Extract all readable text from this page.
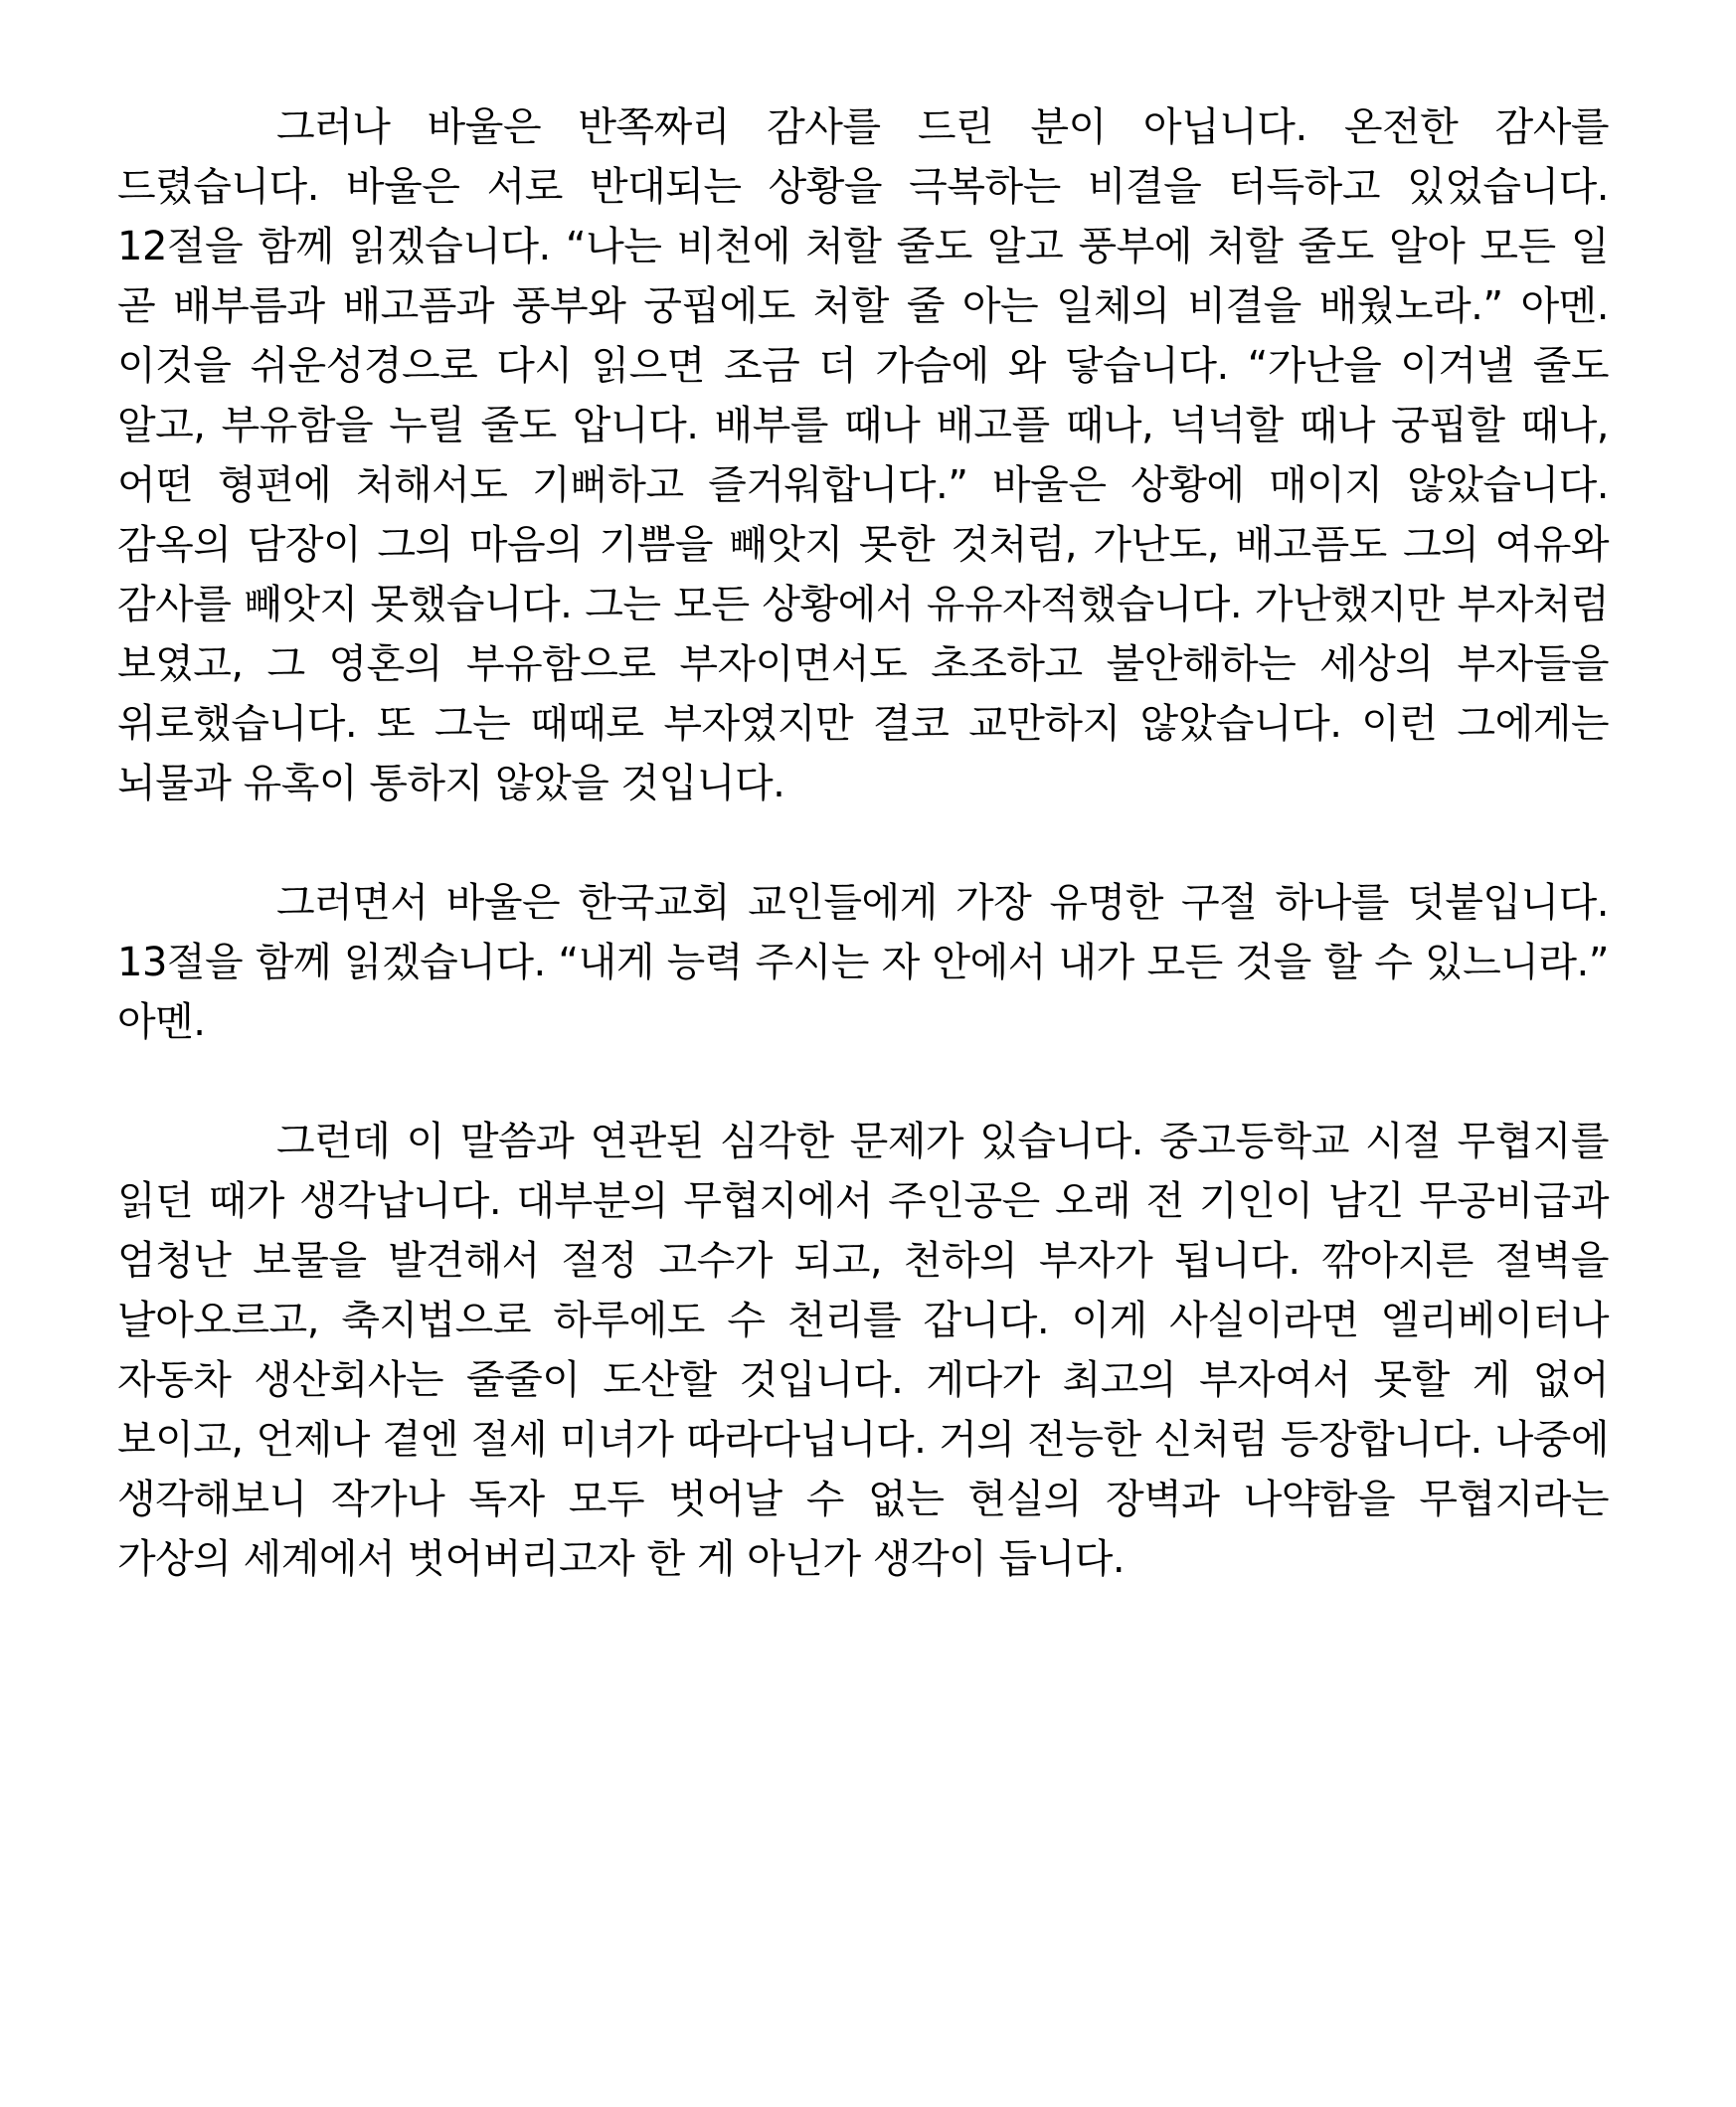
그러나 바울은 반쪽짜리 감사를 드린 분이 아닙니다. 온전한 감사를 드렸습니다. 바울은 서로 반대되는 상황을 극복하는 비결을 터득하고 있었습니다. 12절을 함께 읽겠습니다. “나는 비천에 처할 줄도 알고 풍부에 처할 줄도 알아 모든 일 곧 배부름과 배고픔과 풍부와 궁핍에도 처할 줄 아는 일체의 비결을 배웠노라.” 아멘. 이것을 쉬운성경으로 다시 읽으면 조금 더 가슴에 와 닿습니다. “가난을 이겨낼 줄도 알고, 부유함을 누릴 줄도 압니다. 배부를 때나 배고플 때나, 넉넉할 때나 궁핍할 때나, 어떤 형편에 처해서도 기뻐하고 즐거워합니다.” 바울은 상황에 매이지 않았습니다. 감옥의 담장이 그의 마음의 기쁨을 빼앗지 못한 것처럼, 가난도, 배고픔도 그의 여유와 감사를 빼앗지 못했습니다. 그는 모든 상황에서 유유자적했습니다. 가난했지만 부자처럼 보였고, 그 영혼의 부유함으로 부자이면서도 초조하고 불안해하는 세상의 부자들을 위로했습니다. 또 그는 때때로 부자였지만 결코 교만하지 않았습니다. 이런 그에게는 뇌물과 유혹이 통하지 않았을 것입니다.

그러면서 바울은 한국교회 교인들에게 가장 유명한 구절 하나를 덧붙입니다. 13절을 함께 읽겠습니다. “내게 능력 주시는 자 안에서 내가 모든 것을 할 수 있느니라.” 아멘.

그런데 이 말씀과 연관된 심각한 문제가 있습니다. 중고등학교 시절 무협지를 읽던 때가 생각납니다. 대부분의 무협지에서 주인공은 오래 전 기인이 남긴 무공비급과 엄청난 보물을 발견해서 절정 고수가 되고, 천하의 부자가 됩니다. 깎아지른 절벽을 날아오르고, 축지법으로 하루에도 수 천리를 갑니다. 이게 사실이라면 엘리베이터나 자동차 생산회사는 줄줄이 도산할 것입니다. 게다가 최고의 부자여서 못할 게 없어 보이고, 언제나 곁엔 절세 미녀가 따라다닙니다. 거의 전능한 신처럼 등장합니다. 나중에 생각해보니 작가나 독자 모두 벗어날 수 없는 현실의 장벽과 나약함을 무협지라는 가상의 세계에서 벗어버리고자 한 게 아닌가 생각이 듭니다.
